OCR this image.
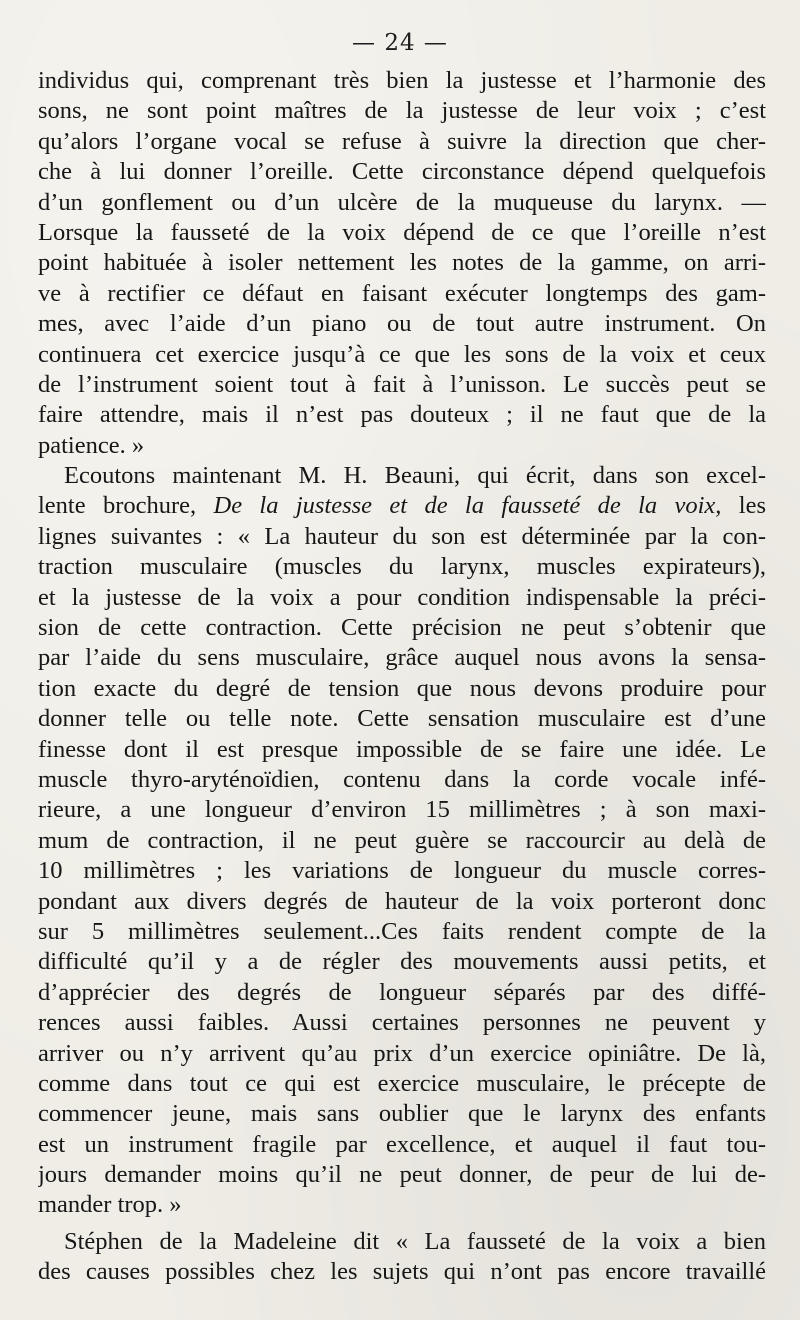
— 24 —
individus qui, comprenant très bien la justesse et l’harmonie des
sons, ne sont point maîtres de la justesse de leur voix ; c’est
qu’alors l’organe vocal se refuse à suivre la direction que cher-
che à lui donner l’oreille. Cette circonstance dépend quelquefois
d’un gonflement ou d’un ulcère de la muqueuse du larynx. —
Lorsque la fausseté de la voix dépend de ce que l’oreille n’est
point habituée à isoler nettement les notes de la gamme, on arri-
ve à rectifier ce défaut en faisant exécuter longtemps des gam-
mes, avec l’aide d’un piano ou de tout autre instrument. On
continuera cet exercice jusqu’à ce que les sons de la voix et ceux
de l’instrument soient tout à fait à l’unisson. Le succès peut se
faire attendre, mais il n’est pas douteux ; il ne faut que de la
patience. »
Ecoutons maintenant M. H. Beauni, qui écrit, dans son excel-
lente brochure, De la justesse et de la fausseté de la voix, les
lignes suivantes : « La hauteur du son est déterminée par la con-
traction musculaire (muscles du larynx, muscles expirateurs),
et la justesse de la voix a pour condition indispensable la préci-
sion de cette contraction. Cette précision ne peut s’obtenir que
par l’aide du sens musculaire, grâce auquel nous avons la sensa-
tion exacte du degré de tension que nous devons produire pour
donner telle ou telle note. Cette sensation musculaire est d’une
finesse dont il est presque impossible de se faire une idée. Le
muscle thyro-aryténoïdien, contenu dans la corde vocale infé-
rieure, a une longueur d’environ 15 millimètres ; à son maxi-
mum de contraction, il ne peut guère se raccourcir au delà de
10 millimètres ; les variations de longueur du muscle corres-
pondant aux divers degrés de hauteur de la voix porteront donc
sur 5 millimètres seulement...Ces faits rendent compte de la
difficulté qu’il y a de régler des mouvements aussi petits, et
d’apprécier des degrés de longueur séparés par des diffé-
rences aussi faibles. Aussi certaines personnes ne peuvent y
arriver ou n’y arrivent qu’au prix d’un exercice opiniâtre. De là,
comme dans tout ce qui est exercice musculaire, le précepte de
commencer jeune, mais sans oublier que le larynx des enfants
est un instrument fragile par excellence, et auquel il faut tou-
jours demander moins qu’il ne peut donner, de peur de lui de-
mander trop. »
Stéphen de la Madeleine dit « La fausseté de la voix a bien
des causes possibles chez les sujets qui n’ont pas encore travaillé
